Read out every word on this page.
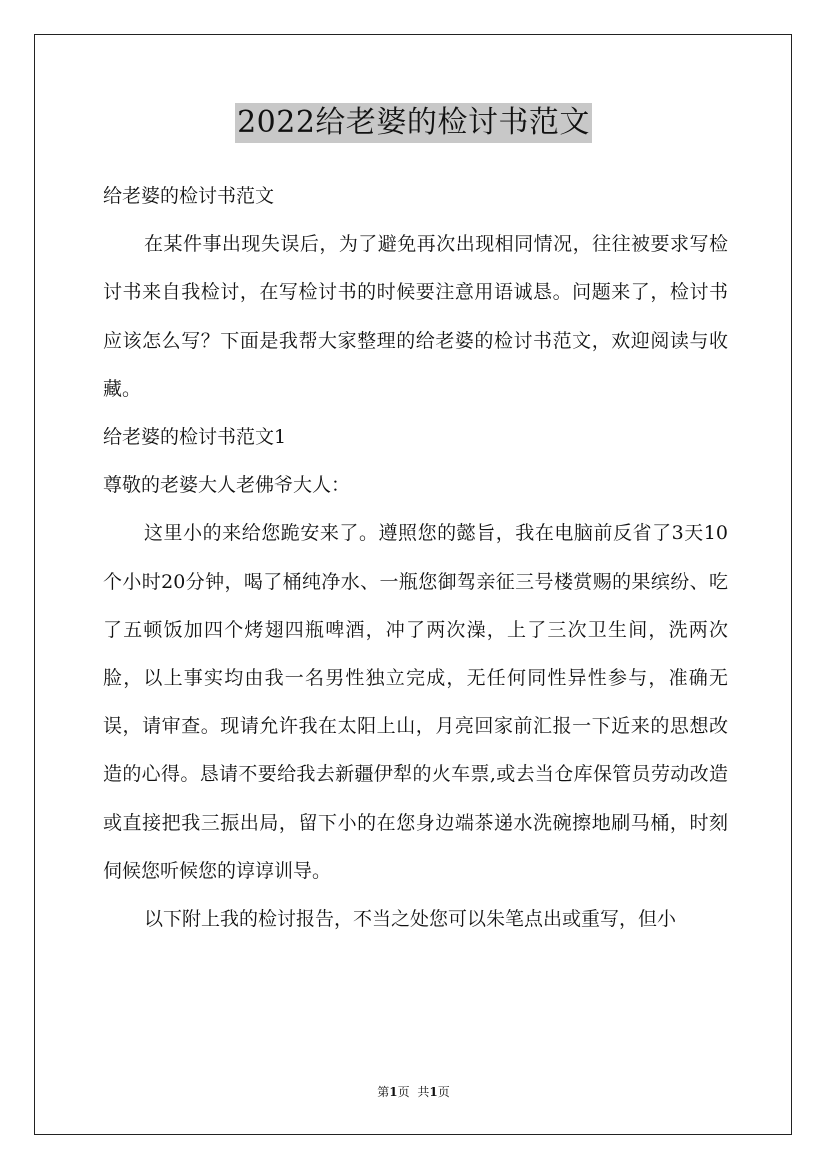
2022给老婆的检讨书范文

给老婆的检讨书范文

在某件事出现失误后，为了避免再次出现相同情况，往往被要求写检讨书来自我检讨，在写检讨书的时候要注意用语诚恳。问题来了，检讨书应该怎么写？下面是我帮大家整理的给老婆的检讨书范文，欢迎阅读与收藏。

给老婆的检讨书范文1

尊敬的老婆大人老佛爷大人：

这里小的来给您跪安来了。遵照您的懿旨，我在电脑前反省了3天10个小时20分钟，喝了桶纯净水、一瓶您御驾亲征三号楼赏赐的果缤纷、吃了五顿饭加四个烤翅四瓶啤酒，冲了两次澡，上了三次卫生间，洗两次脸，以上事实均由我一名男性独立完成，无任何同性异性参与，准确无误，请审查。现请允许我在太阳上山，月亮回家前汇报一下近来的思想改造的心得。恳请不要给我去新疆伊犁的火车票,或去当仓库保管员劳动改造或直接把我三振出局，留下小的在您身边端茶递水洗碗擦地刷马桶，时刻伺候您听候您的谆谆训导。

以下附上我的检讨报告，不当之处您可以朱笔点出或重写，但小

第1页 共1页
